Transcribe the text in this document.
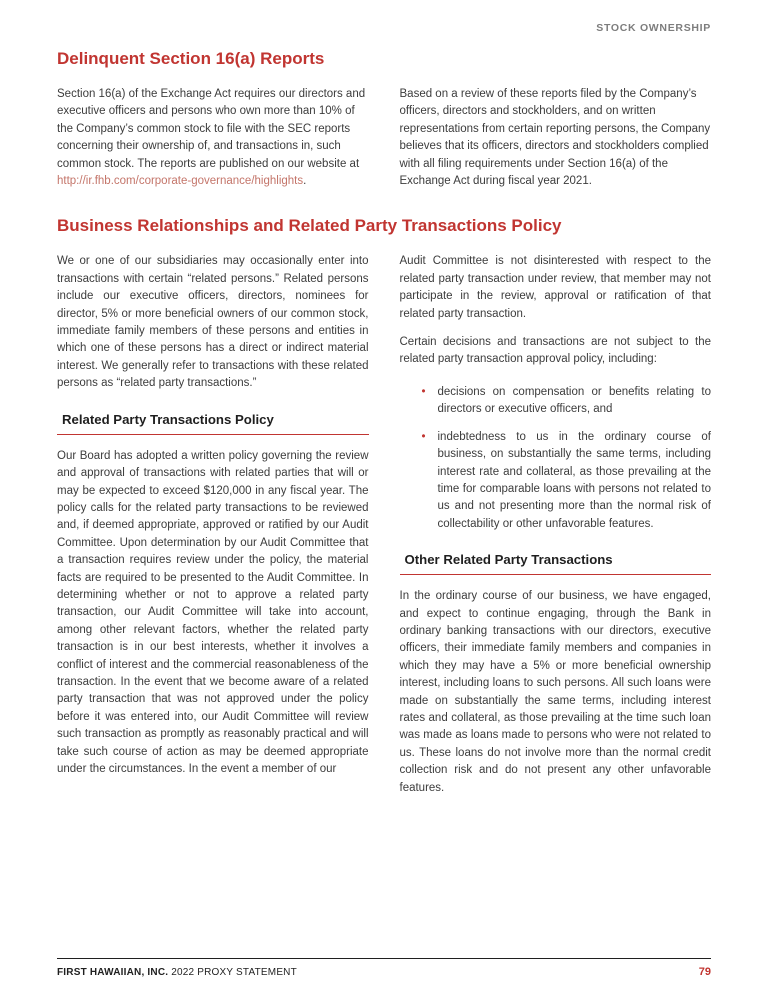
STOCK OWNERSHIP
Delinquent Section 16(a) Reports

Section 16(a) of the Exchange Act requires our directors and executive officers and persons who own more than 10% of the Company’s common stock to file with the SEC reports concerning their ownership of, and transactions in, such common stock. The reports are published on our website at http://ir.fhb.com/corporate-governance/highlights.

Based on a review of these reports filed by the Company’s officers, directors and stockholders, and on written representations from certain reporting persons, the Company believes that its officers, directors and stockholders complied with all filing requirements under Section 16(a) of the Exchange Act during fiscal year 2021.

Business Relationships and Related Party Transactions Policy

We or one of our subsidiaries may occasionally enter into transactions with certain “related persons.” Related persons include our executive officers, directors, nominees for director, 5% or more beneficial owners of our common stock, immediate family members of these persons and entities in which one of these persons has a direct or indirect material interest. We generally refer to transactions with these related persons as “related party transactions.”

Related Party Transactions Policy

Our Board has adopted a written policy governing the review and approval of transactions with related parties that will or may be expected to exceed $120,000 in any fiscal year. The policy calls for the related party transactions to be reviewed and, if deemed appropriate, approved or ratified by our Audit Committee. Upon determination by our Audit Committee that a transaction requires review under the policy, the material facts are required to be presented to the Audit Committee. In determining whether or not to approve a related party transaction, our Audit Committee will take into account, among other relevant factors, whether the related party transaction is in our best interests, whether it involves a conflict of interest and the commercial reasonableness of the transaction. In the event that we become aware of a related party transaction that was not approved under the policy before it was entered into, our Audit Committee will review such transaction as promptly as reasonably practical and will take such course of action as may be deemed appropriate under the circumstances. In the event a member of our

Audit Committee is not disinterested with respect to the related party transaction under review, that member may not participate in the review, approval or ratification of that related party transaction.

Certain decisions and transactions are not subject to the related party transaction approval policy, including:

•	decisions on compensation or benefits relating to directors or executive officers, and
•	indebtedness to us in the ordinary course of business, on substantially the same terms, including interest rate and collateral, as those prevailing at the time for comparable loans with persons not related to us and not presenting more than the normal risk of collectability or other unfavorable features.
Other Related Party Transactions

In the ordinary course of our business, we have engaged, and expect to continue engaging, through the Bank in ordinary banking transactions with our directors, executive officers, their immediate family members and companies in which they may have a 5% or more beneficial ownership interest, including loans to such persons. All such loans were made on substantially the same terms, including interest rates and collateral, as those prevailing at the time such loan was made as loans made to persons who were not related to us. These loans do not involve more than the normal credit collection risk and do not present any other unfavorable features.

FIRST HAWAIIAN, INC. 2022 PROXY STATEMENT	79
